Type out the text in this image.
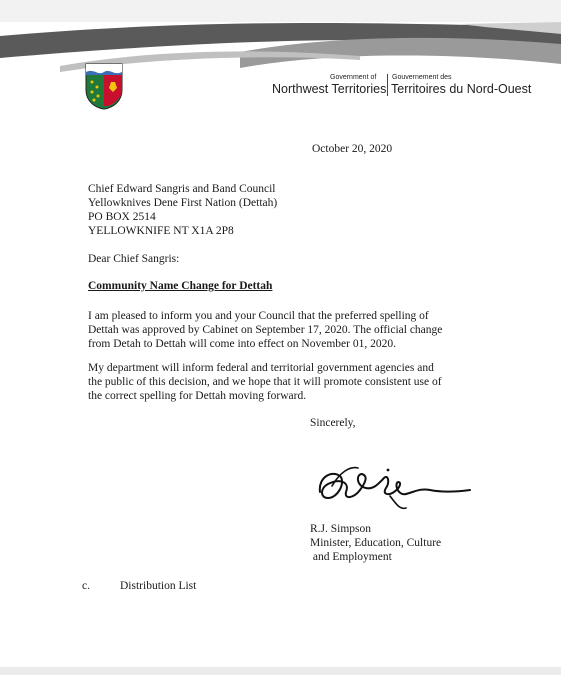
Government of Gouvernement des
Northwest Territories Territoires du Nord-Ouest
October 20, 2020
Chief Edward Sangris and Band Council
Yellowknives Dene First Nation (Dettah)
PO BOX 2514
YELLOWKNIFE NT X1A 2P8
Dear Chief Sangris:
Community Name Change for Dettah
I am pleased to inform you and your Council that the preferred spelling of
Dettah was approved by Cabinet on September 17, 2020. The official change
from Detah to Dettah will come into effect on November 01, 2020.
My department will inform federal and territorial government agencies and
the public of this decision, and we hope that it will promote consistent use of
the correct spelling for Dettah moving forward.
Sincerely,
R.J. Simpson
Minister, Education, Culture
and Employment
c.	Distribution List
